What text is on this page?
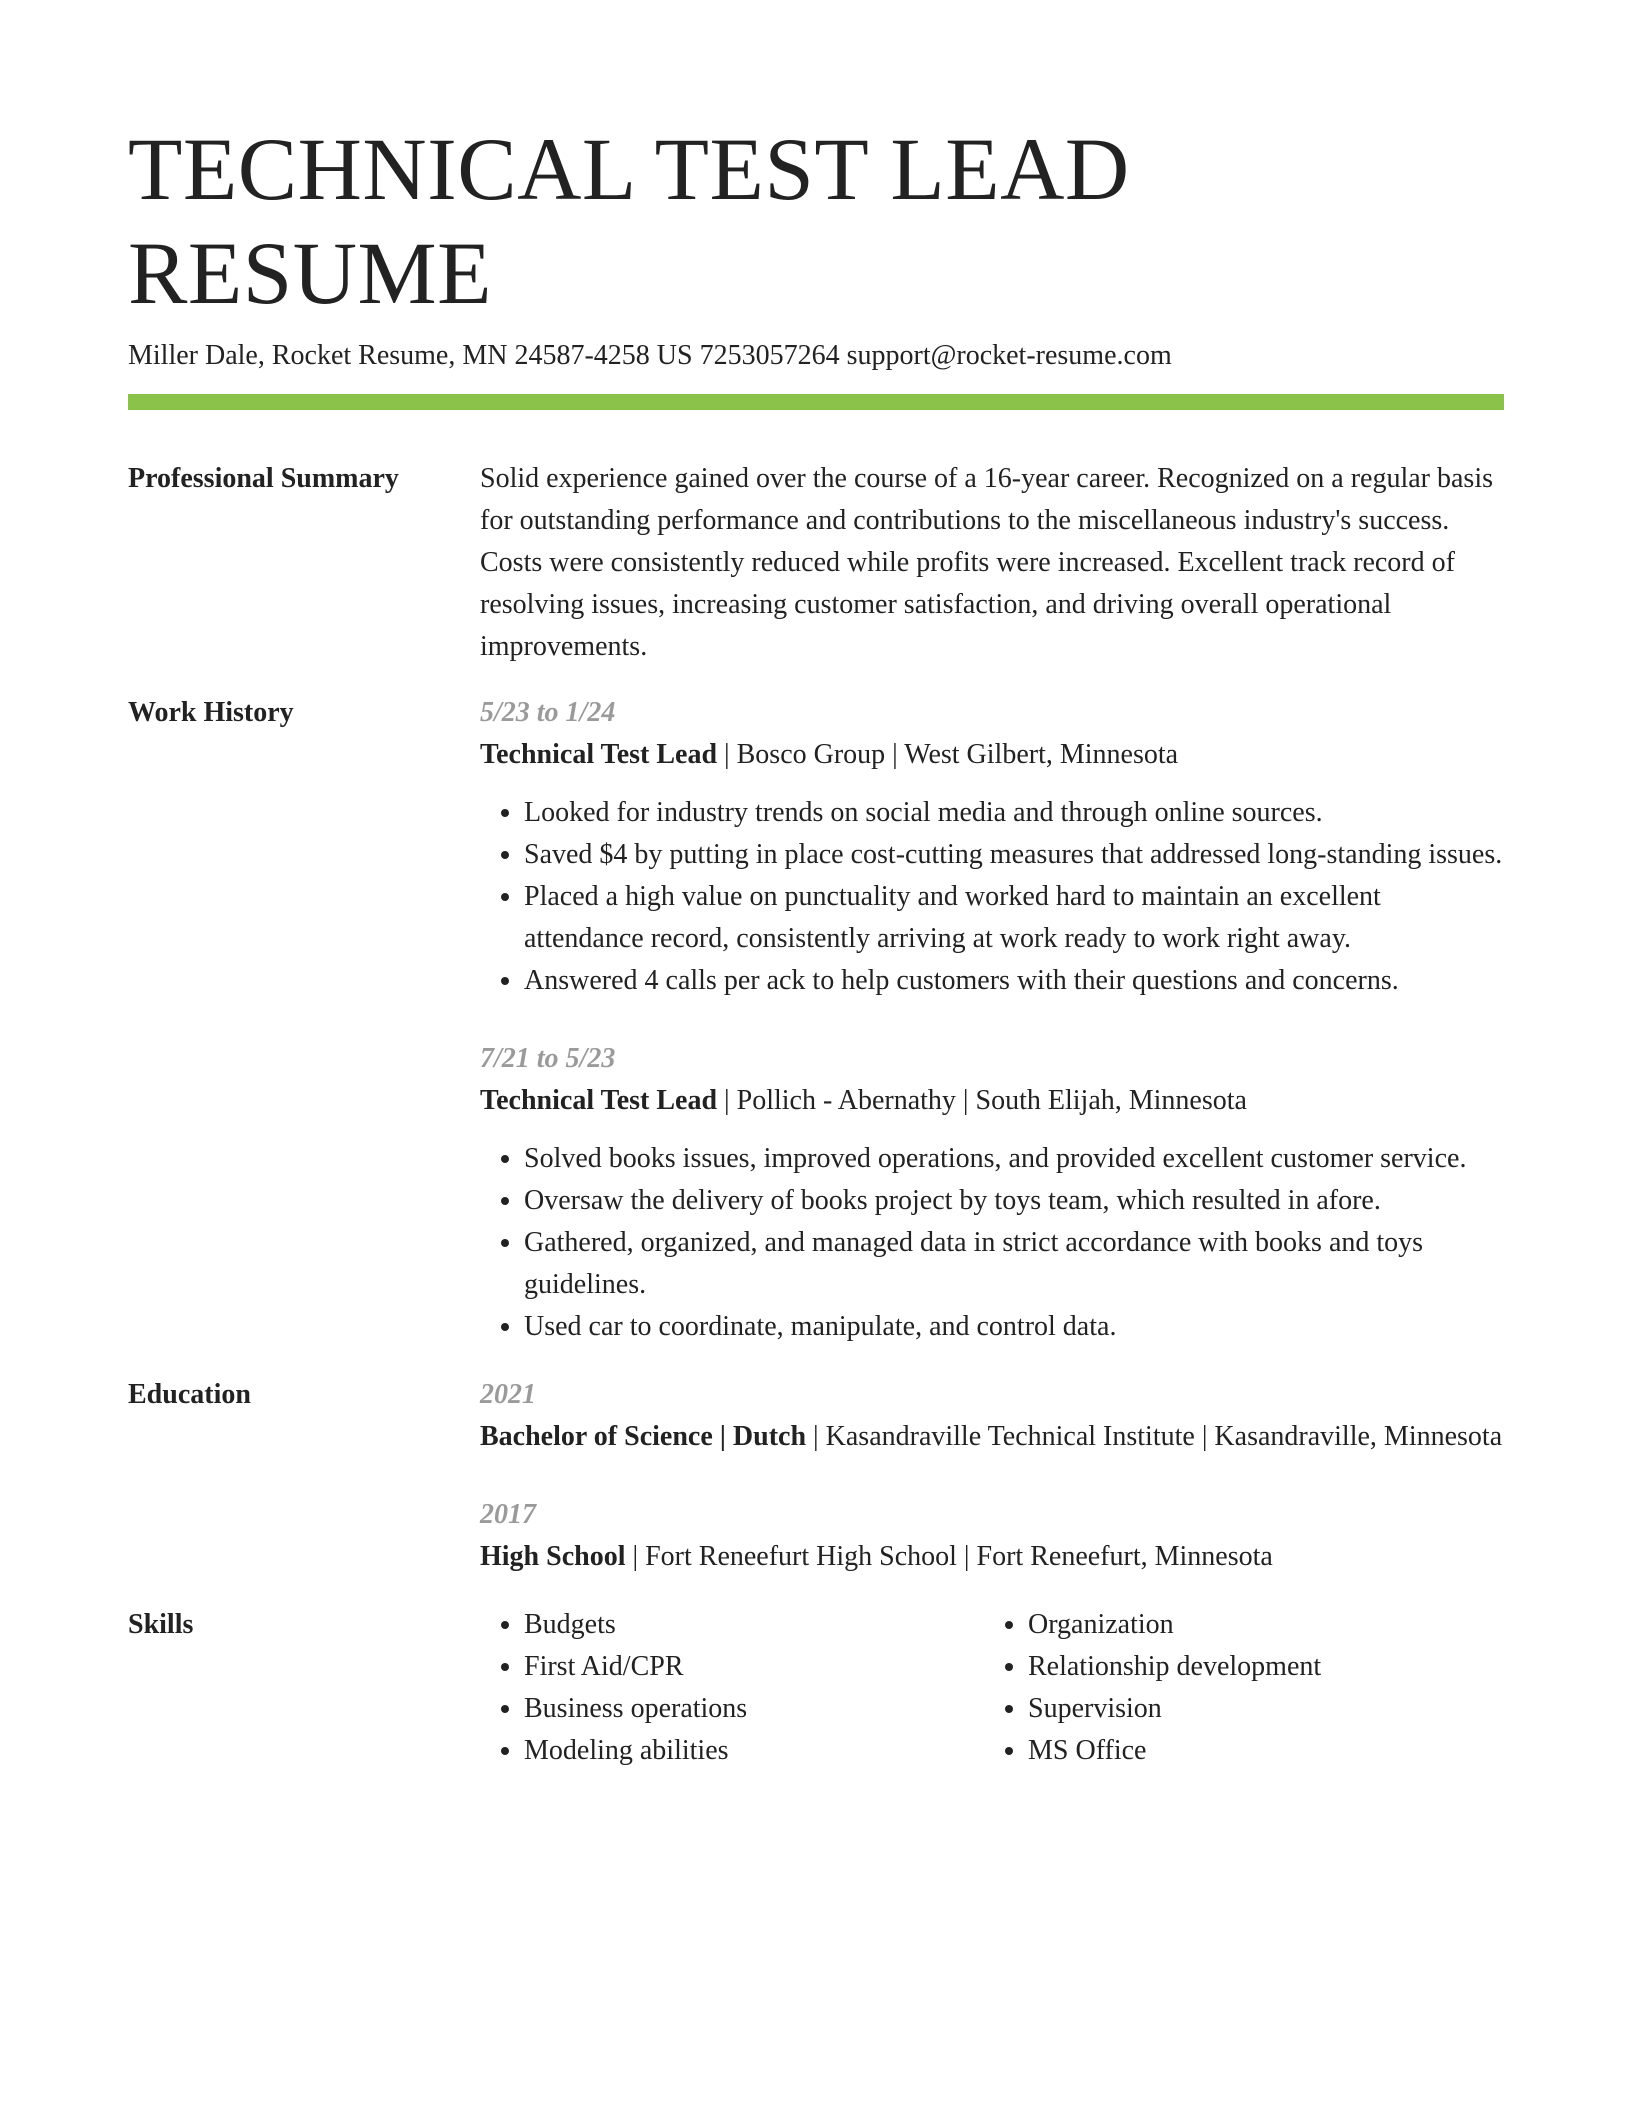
TECHNICAL TEST LEAD RESUME
Miller Dale, Rocket Resume, MN 24587-4258 US 7253057264 support@rocket-resume.com
Professional Summary	Solid experience gained over the course of a 16-year career. Recognized on a regular basis for outstanding performance and contributions to the miscellaneous industry's success. Costs were consistently reduced while profits were increased. Excellent track record of resolving issues, increasing customer satisfaction, and driving overall operational improvements.
Work History	5/23 to 1/24
Technical Test Lead | Bosco Group | West Gilbert, Minnesota
• Looked for industry trends on social media and through online sources.
• Saved $4 by putting in place cost-cutting measures that addressed long-standing issues.
• Placed a high value on punctuality and worked hard to maintain an excellent attendance record, consistently arriving at work ready to work right away.
• Answered 4 calls per ack to help customers with their questions and concerns.
7/21 to 5/23
Technical Test Lead | Pollich - Abernathy | South Elijah, Minnesota
• Solved books issues, improved operations, and provided excellent customer service.
• Oversaw the delivery of books project by toys team, which resulted in afore.
• Gathered, organized, and managed data in strict accordance with books and toys guidelines.
• Used car to coordinate, manipulate, and control data.
Education	2021
Bachelor of Science | Dutch | Kasandraville Technical Institute | Kasandraville, Minnesota
2017
High School | Fort Reneefurt High School | Fort Reneefurt, Minnesota
Skills
•	Budgets
• First Aid/CPR
• Business operations
• Modeling abilities
• Organization
• Relationship development
• Supervision
• MS Office
